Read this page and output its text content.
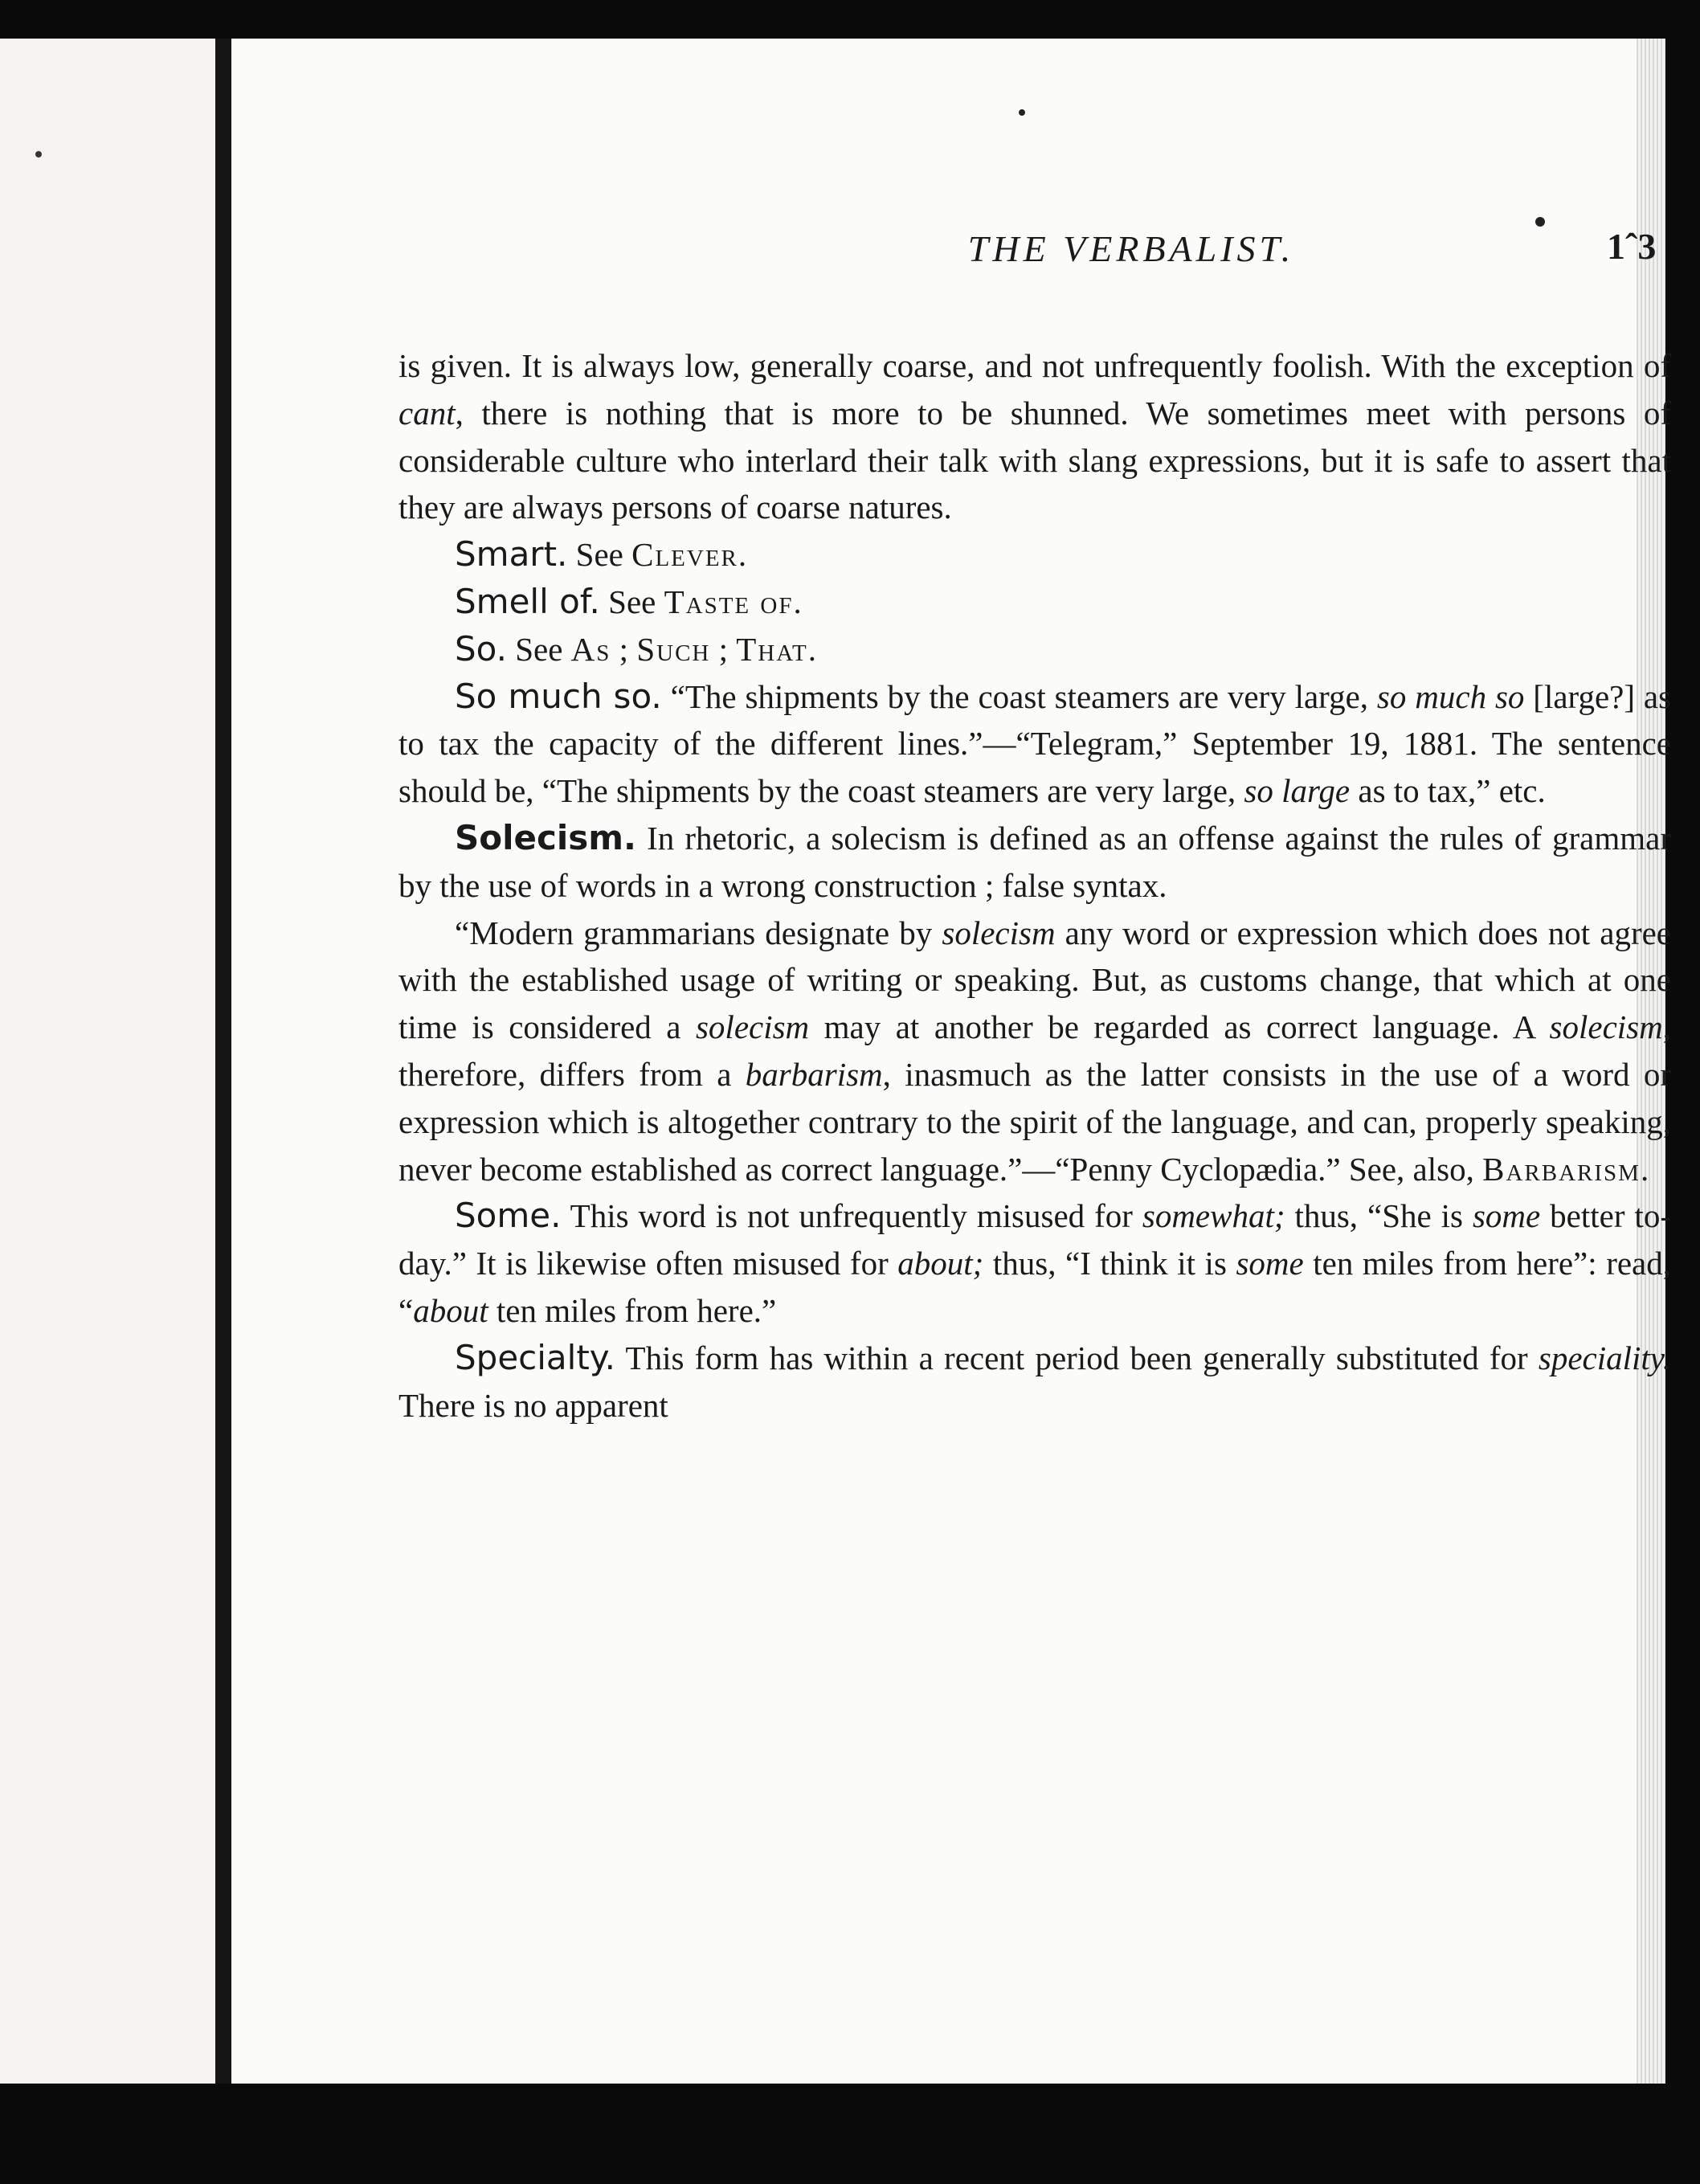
THE VERBALIST.	1ˆ3

is given. It is always low, generally coarse, and not unfrequently foolish. With the exception of cant, there is nothing that is more to be shunned. We sometimes meet with persons of considerable culture who interlard their talk with slang expressions, but it is safe to assert that they are always persons of coarse natures.

Smart. See Clever.

Smell of. See Taste of.

So. See As ; Such ; That.

So much so. “The shipments by the coast steamers are very large, so much so [large?] as to tax the capacity of the different lines.”—“Telegram,” September 19, 1881. The sentence should be, “The shipments by the coast steamers are very large, so large as to tax,” etc.

Solecism. In rhetoric, a solecism is defined as an offense against the rules of grammar by the use of words in a wrong construction ; false syntax.

“Modern grammarians designate by solecism any word or expression which does not agree with the established usage of writing or speaking. But, as customs change, that which at one time is considered a solecism may at another be regarded as correct language. A solecism, therefore, differs from a barbarism, inasmuch as the latter consists in the use of a word or expression which is altogether contrary to the spirit of the language, and can, properly speaking, never become established as correct language.”—“Penny Cyclopædia.” See, also, Barbarism.

Some. This word is not unfrequently misused for somewhat; thus, “She is some better to-day.” It is likewise often misused for about; thus, “I think it is some ten miles from here”: read, “about ten miles from here.”

Specialty. This form has within a recent period been generally substituted for speciality. There is no apparent
